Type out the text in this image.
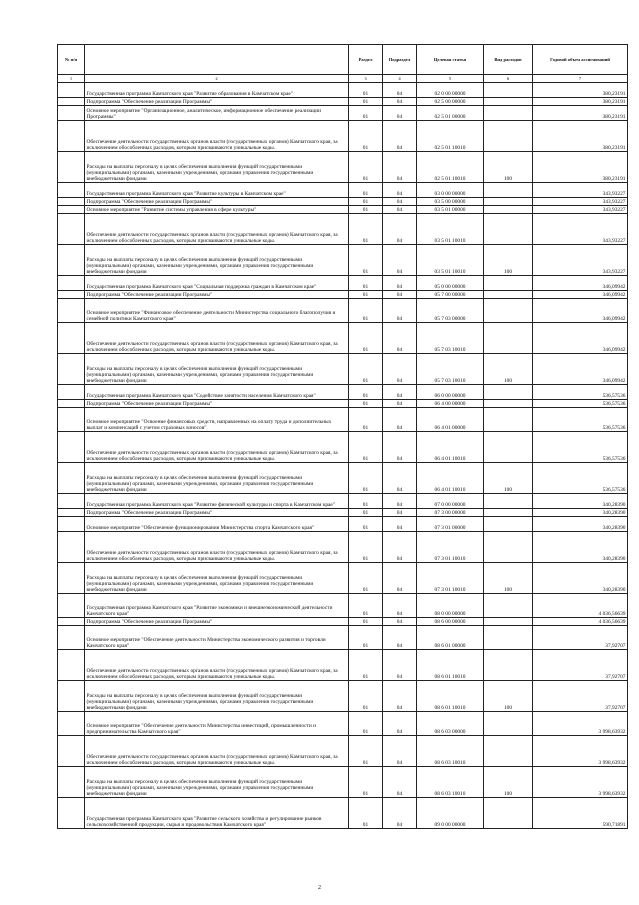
№ п/п		Раздел	Подраздел	Целевая статья	Вид расходов	Годовой объем ассигнований
1	2	3	4	5	6	7
	Государственная программа Камчатского края "Развитие образования в Камчатском крае"	01	04	02 0 00 00000		380,23191
	Подпрограмма "Обеспечение реализации Программы"	01	04	02 5 00 00000		380,23191
	Основное мероприятие "Организационное, аналитическое, информационное обеспечение реализации Программы"	01	04	02 5 01 00000		380,23191
	Обеспечение деятельности государственных органов власти (государственных органов) Камчатского края, за исключением обособленных расходов, которым присваиваются уникальные коды.	01	04	02 5 01 10010		380,23191
	Расходы на выплаты персоналу в целях обеспечения выполнения функций государственными (муниципальными) органами, казенными учреждениями, органами управления государственными внебюджетными фондами	01	04	02 5 01 10010	100	380,23191
	Государственная программа Камчатского края "Развитие культуры в Камчатском крае"	01	04	03 0 00 00000		343,93227
	Подпрограмма "Обеспечение реализации Программы"	01	04	03 5 00 00000		343,93227
	Основное мероприятие "Развитие системы управления в сфере культуры"	01	04	03 5 01 00000		343,93227
	Обеспечение деятельности государственных органов власти (государственных органов) Камчатского края, за исключением обособленных расходов, которым присваиваются уникальные коды.	01	04	03 5 01 10010		343,93227
	Расходы на выплаты персоналу в целях обеспечения выполнения функций государственными (муниципальными) органами, казенными учреждениями, органами управления государственными внебюджетными фондами	01	04	03 5 01 10010	100	343,93227
	Государственная программа Камчатского края "Социальная поддержка граждан в Камчатском крае"	01	04	05 0 00 00000		346,09942
	Подпрограмма "Обеспечение реализации Программы"	01	04	05 7 00 00000		346,09942
	Основное мероприятие "Финансовое обеспечение деятельности Министерства социального благополучия и семейной политики Камчатского края"	01	04	05 7 03 00000		346,09942
	Обеспечение деятельности государственных органов власти (государственных органов) Камчатского края, за исключением обособленных расходов, которым присваиваются уникальные коды.	01	04	05 7 03 10010		346,09942
	Расходы на выплаты персоналу в целях обеспечения выполнения функций государственными (муниципальными) органами, казенными учреждениями, органами управления государственными внебюджетными фондами	01	04	05 7 03 10010	100	346,09942
	Государственная программа Камчатского края "Содействие занятости населения Камчатского края"	01	04	06 0 00 00000		536,57536
	Подпрограмма "Обеспечение реализации Программы"	01	04	06 4 00 00000		536,57536
	Основное мероприятие "Освоение финансовых средств, направленных на оплату труда и дополнительных выплат и компенсаций с учетом страховых взносов"	01	04	06 4 01 00000		536,57536
	Обеспечение деятельности государственных органов власти (государственных органов) Камчатского края, за исключением обособленных расходов, которым присваиваются уникальные коды.	01	04	06 4 01 10010		536,57536
	Расходы на выплаты персоналу в целях обеспечения выполнения функций государственными (муниципальными) органами, казенными учреждениями, органами управления государственными внебюджетными фондами	01	04	06 4 01 10010	100	536,57536
	Государственная программа Камчатского края "Развитие физической культуры и спорта в Камчатском крае"	01	04	07 0 00 00000		340,28390
	Подпрограмма "Обеспечение реализации Программы"	01	04	07 3 00 00000		340,28390
	Основное мероприятие "Обеспечение функционирования Министерства спорта Камчатского края"	01	04	07 3 01 00000		340,28390
	Обеспечение деятельности государственных органов власти (государственных органов) Камчатского края, за исключением обособленных расходов, которым присваиваются уникальные коды.	01	04	07 3 01 10010		340,28390
	Расходы на выплаты персоналу в целях обеспечения выполнения функций государственными (муниципальными) органами, казенными учреждениями, органами управления государственными внебюджетными фондами	01	04	07 3 01 10010	100	340,28390
	Государственная программа Камчатского края "Развитие экономики и внешнеэкономической деятельности Камчатского края"	01	04	08 0 00 00000		4 036,56639
	Подпрограмма "Обеспечение реализации Программы"	01	04	08 6 00 00000		4 036,56639
	Основное мероприятие "Обеспечение деятельности Министерства экономического развития и торговли Камчатского края"	01	04	08 6 01 00000		37,92707
	Обеспечение деятельности государственных органов власти (государственных органов) Камчатского края, за исключением обособленных расходов, которым присваиваются уникальные коды.	01	04	08 6 01 10010		37,92707
	Расходы на выплаты персоналу в целях обеспечения выполнения функций государственными (муниципальными) органами, казенными учреждениями, органами управления государственными внебюджетными фондами	01	04	08 6 01 10010	100	37,92707
	Основное мероприятие "Обеспечение деятельности Министерства инвестиций, промышленности и предпринимательства Камчатского края"	01	04	08 6 03 00000		3 998,63932
	Обеспечение деятельности государственных органов власти (государственных органов) Камчатского края, за исключением обособленных расходов, которым присваиваются уникальные коды.	01	04	08 6 03 10010		3 998,63932
	Расходы на выплаты персоналу в целях обеспечения выполнения функций государственными (муниципальными) органами, казенными учреждениями, органами управления государственными внебюджетными фондами	01	04	08 6 03 10010	100	3 998,63932
	Государственная программа Камчатского края "Развитие сельского хозяйства и регулирование рынков сельскохозяйственной продукции, сырья и продовольствия Камчатского края"	01	04	09 0 00 00000		590,71891
2
